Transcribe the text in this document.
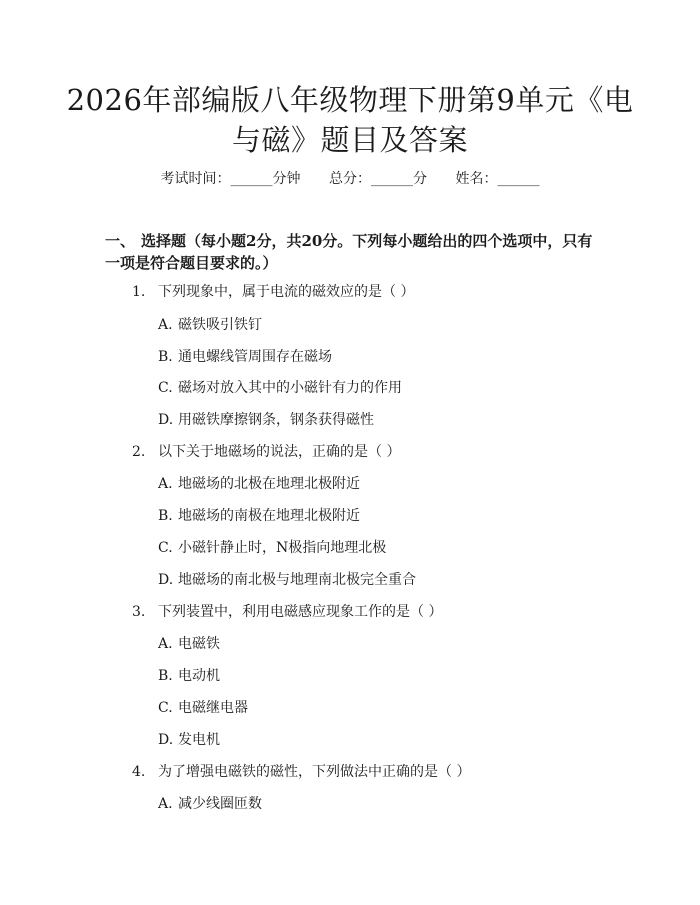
2026年部编版八年级物理下册第9单元《电与磁》题目及答案
考试时间：______分钟 总分：______分 姓名：______
一、 选择题（每小题2分，共20分。下列每小题给出的四个选项中，只有一项是符合题目要求的。）
1. 下列现象中，属于电流的磁效应的是（ ）
A. 磁铁吸引铁钉
B. 通电螺线管周围存在磁场
C. 磁场对放入其中的小磁针有力的作用
D. 用磁铁摩擦钢条，钢条获得磁性
2. 以下关于地磁场的说法，正确的是（ ）
A. 地磁场的北极在地理北极附近
B. 地磁场的南极在地理北极附近
C. 小磁针静止时，N极指向地理北极
D. 地磁场的南北极与地理南北极完全重合
3. 下列装置中，利用电磁感应现象工作的是（ ）
A. 电磁铁
B. 电动机
C. 电磁继电器
D. 发电机
4. 为了增强电磁铁的磁性，下列做法中正确的是（ ）
A. 减少线圈匝数
